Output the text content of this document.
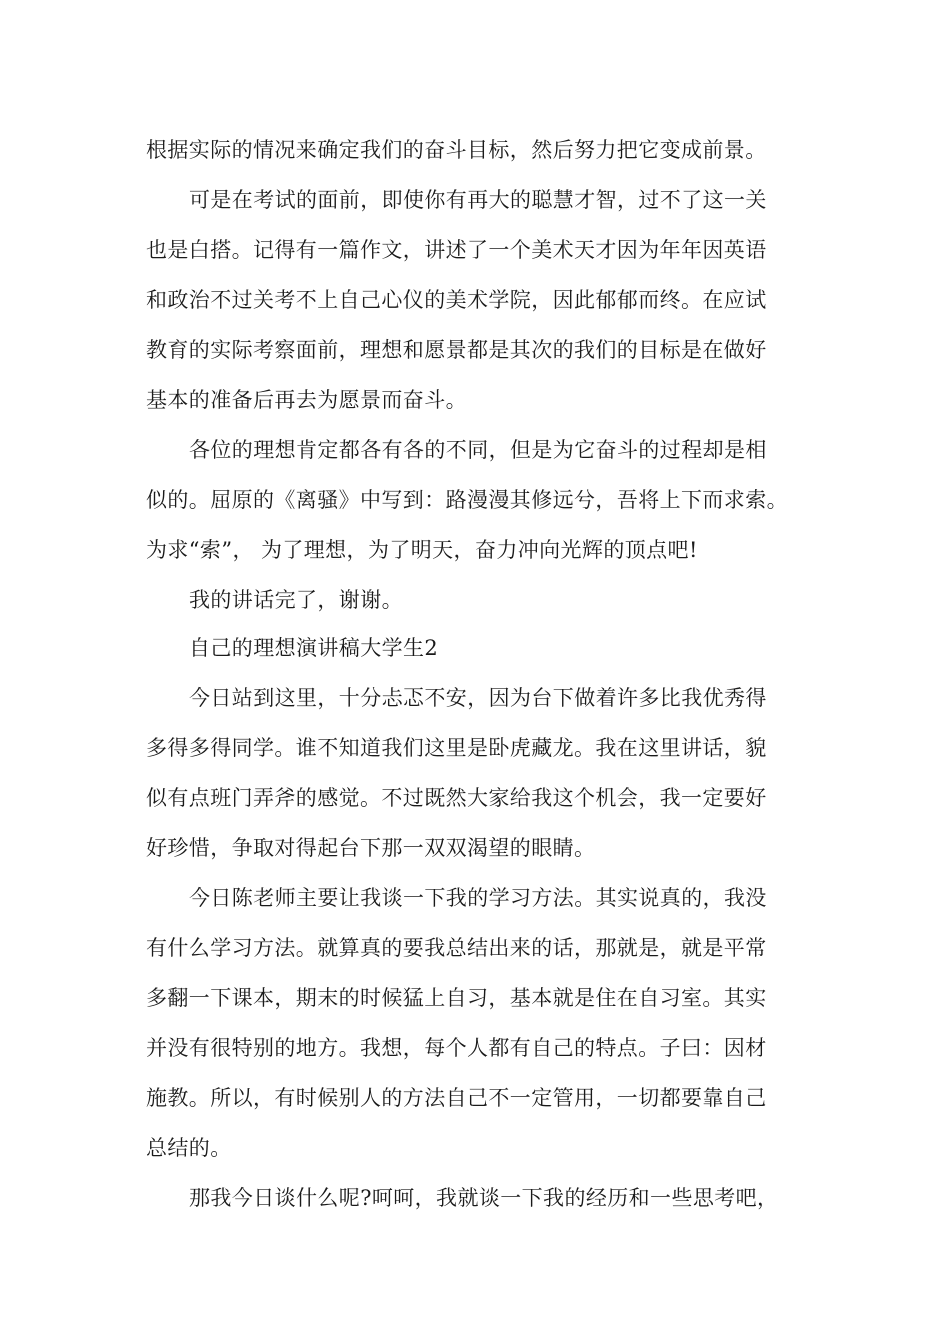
根据实际的情况来确定我们的奋斗目标，然后努力把它变成前景。
可是在考试的面前，即使你有再大的聪慧才智，过不了这一关
也是白搭。记得有一篇作文，讲述了一个美术天才因为年年因英语
和政治不过关考不上自己心仪的美术学院，因此郁郁而终。在应试
教育的实际考察面前，理想和愿景都是其次的我们的目标是在做好
基本的准备后再去为愿景而奋斗。
各位的理想肯定都各有各的不同，但是为它奋斗的过程却是相
似的。屈原的《离骚》中写到：路漫漫其修远兮，吾将上下而求索。
为求“索”， 为了理想，为了明天，奋力冲向光辉的顶点吧!
我的讲话完了，谢谢。
自己的理想演讲稿大学生2
今日站到这里，十分忐忑不安，因为台下做着许多比我优秀得
多得多得同学。谁不知道我们这里是卧虎藏龙。我在这里讲话，貌
似有点班门弄斧的感觉。不过既然大家给我这个机会，我一定要好
好珍惜，争取对得起台下那一双双渴望的眼睛。
今日陈老师主要让我谈一下我的学习方法。其实说真的，我没
有什么学习方法。就算真的要我总结出来的话，那就是，就是平常
多翻一下课本，期末的时候猛上自习，基本就是住在自习室。其实
并没有很特别的地方。我想，每个人都有自己的特点。子曰：因材
施教。所以，有时候别人的方法自己不一定管用，一切都要靠自己
总结的。
那我今日谈什么呢?呵呵，我就谈一下我的经历和一些思考吧，
